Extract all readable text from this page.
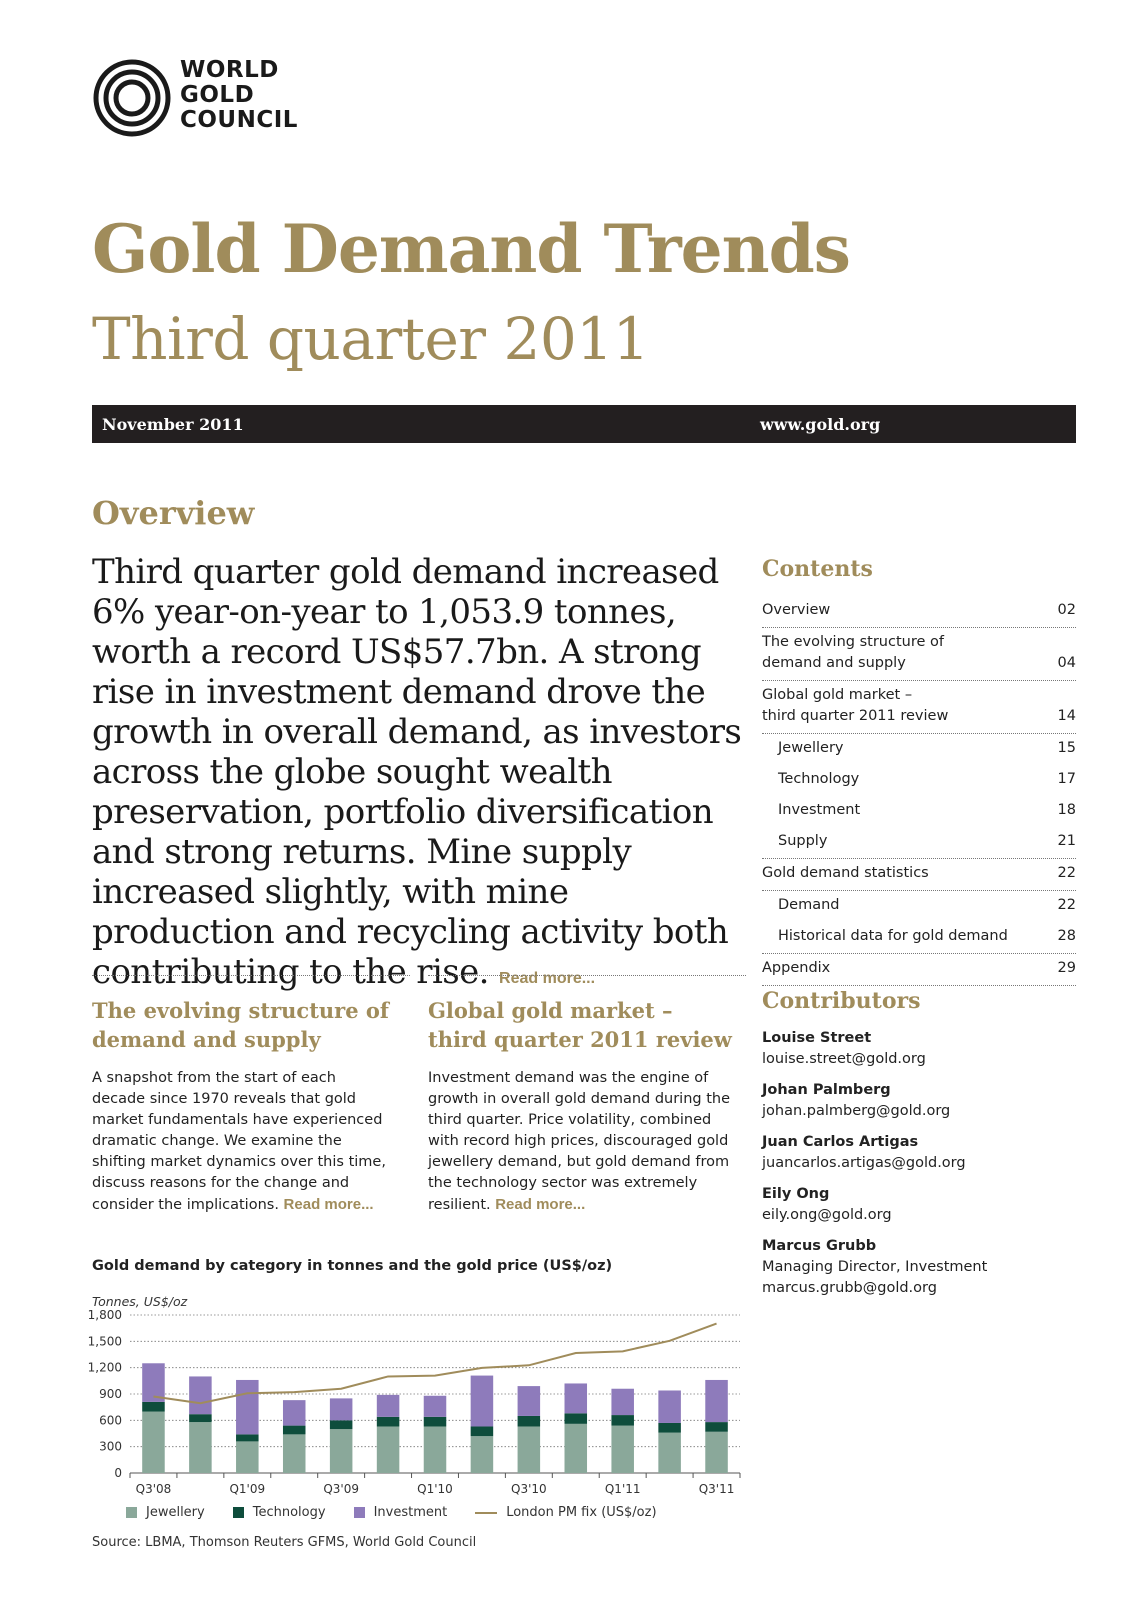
WORLD
GOLD
COUNCIL
Gold Demand Trends
Third quarter 2011
November 2011	www.gold.org
Overview
Third quarter gold demand increased 6% year-on-year to 1,053.9 tonnes, worth a record US$57.7bn. A strong rise in investment demand drove the growth in overall demand, as investors across the globe sought wealth preservation, portfolio diversification and strong returns. Mine supply increased slightly, with mine production and recycling activity both contributing to the rise. Read more...
The evolving structure of
demand and supply
A snapshot from the start of each decade since 1970 reveals that gold market fundamentals have experienced dramatic change. We examine the shifting market dynamics over this time, discuss reasons for the change and consider the implications. Read more...
Global gold market –
third quarter 2011 review
Investment demand was the engine of growth in overall gold demand during the third quarter. Price volatility, combined with record high prices, discouraged gold jewellery demand, but gold demand from the technology sector was extremely resilient. Read more...
Contents
Overview	02
The evolving structure of
demand and supply	04
Global gold market –
third quarter 2011 review	14
Jewellery	15
Technology	17
Investment	18
Supply	21
Gold demand statistics	22
Demand	22
Historical data for gold demand	28
Appendix	29
Contributors
Louise Street
louise.street@gold.org
Johan Palmberg
johan.palmberg@gold.org
Juan Carlos Artigas
juancarlos.artigas@gold.org
Eily Ong
eily.ong@gold.org
Marcus Grubb
Managing Director, Investment
marcus.grubb@gold.org
Gold demand by category in tonnes and the gold price (US$/oz)
Tonnes, US$/oz
0
300
600
900
1,200
1,500
1,800
Q3'08	Q1'09	Q3'09	Q1'10	Q3'10	Q1'11	Q3'11
Jewellery	Technology	Investment	London PM fix (US$/oz)
Source: LBMA, Thomson Reuters GFMS, World Gold Council
